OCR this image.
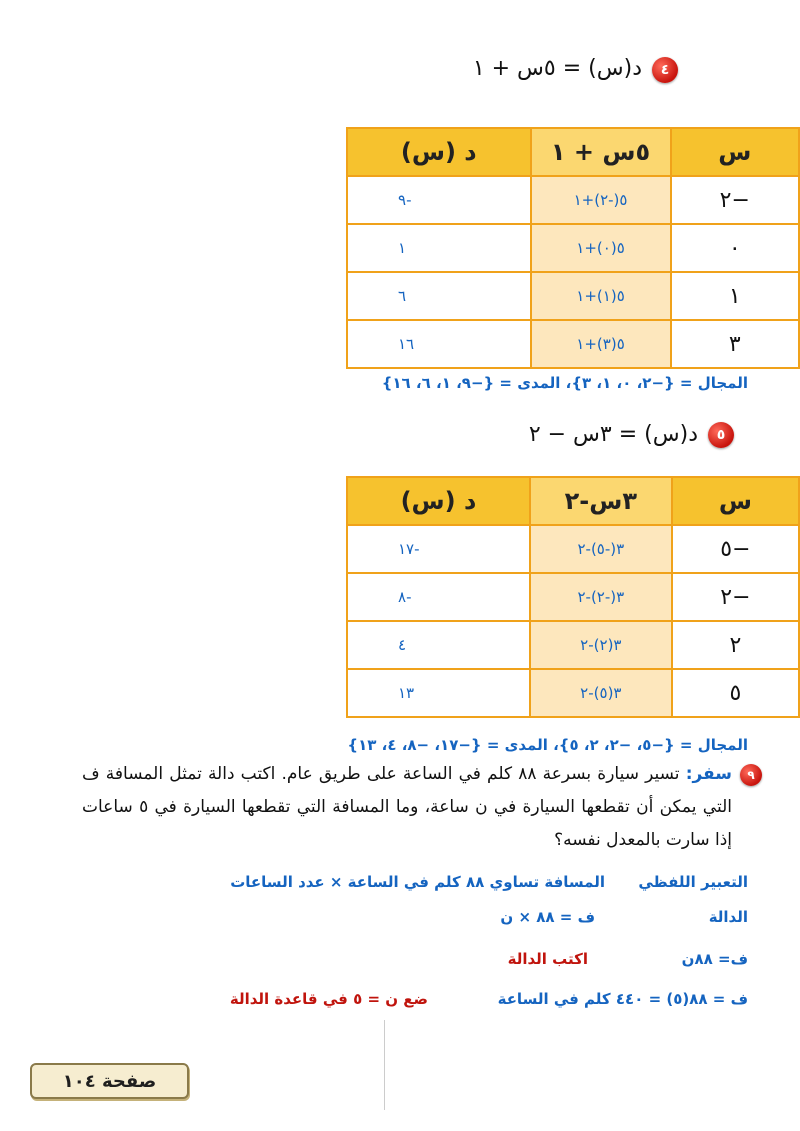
٤
د(س) = ٥س + ١
س	٥س + ١	د (س)
−٢	٥(-٢)+١	-٩
٠	٥(٠)+١	١
١	٥(١)+١	٦
٣	٥(٣)+١	١٦
المجال = {−٢، ٠، ١، ٣}، المدى = {−٩، ١، ٦، ١٦}
٥
د(س) = ٣س − ٢
س	٣س-٢	د (س)
−٥	٣(-٥)-٢	-١٧
−٢	٣(-٢)-٢	-٨
٢	٣(٢)-٢	٤
٥	٣(٥)-٢	١٣
المجال = {−٥، −٢، ٢، ٥}، المدى = {−١٧، −٨، ٤، ١٣}
٩
سفر: تسير سيارة بسرعة ٨٨ كلم في الساعة على طريق عام. اكتب دالة تمثل المسافة ف التي يمكن أن تقطعها السيارة في ن ساعة، وما المسافة التي تقطعها السيارة في ٥ ساعات إذا سارت بالمعدل نفسه؟
التعبير اللفظي
المسافة تساوي ٨٨ كلم في الساعة × عدد الساعات
الدالة
ف = ٨٨ × ن
ف= ٨٨ن
اكتب الدالة
ف = ٨٨(٥) = ٤٤٠ كلم في الساعة
ضع ن = ٥ في قاعدة الدالة
صفحة ١٠٤
